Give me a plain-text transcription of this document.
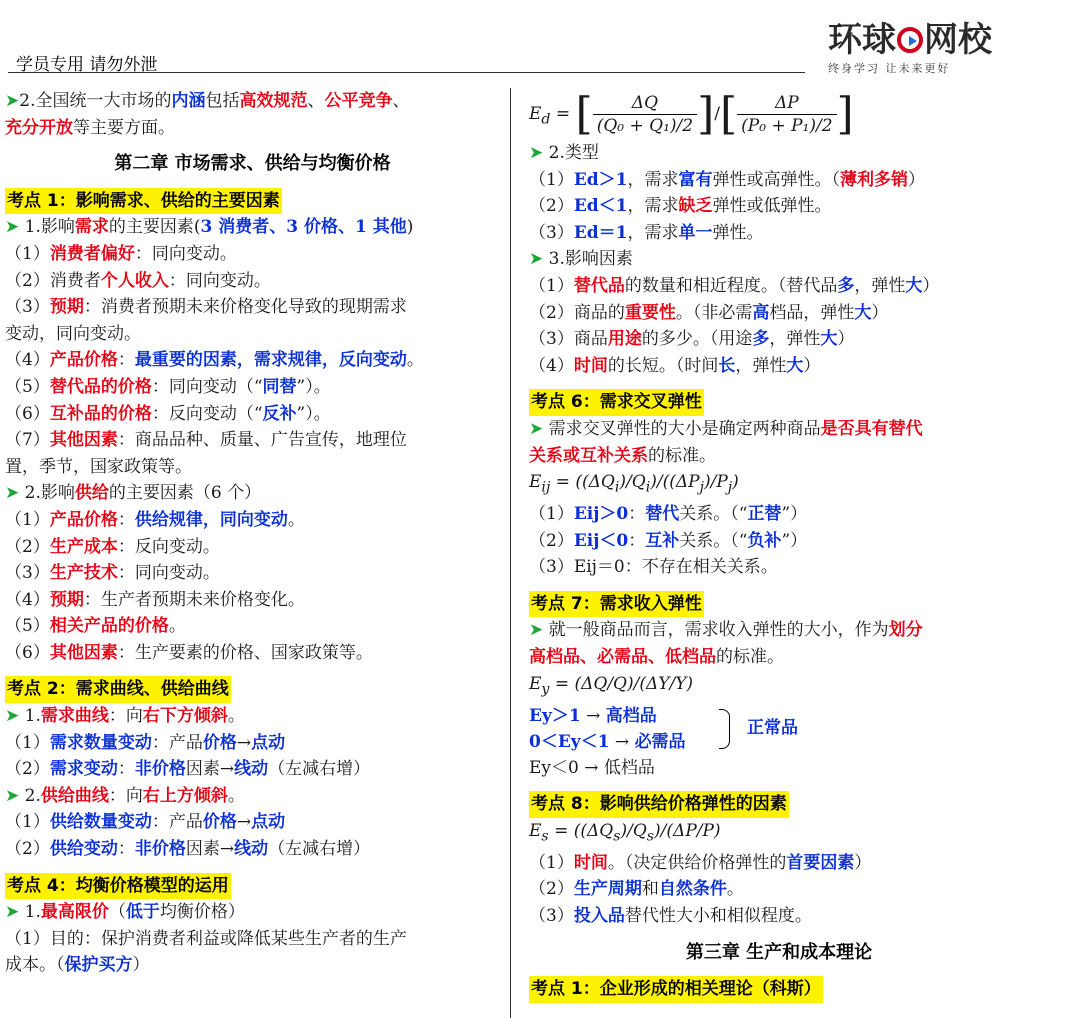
学员专用 请勿外泄
环球 网校
终身学习 让未来更好

➤2.全国统一大市场的内涵包括高效规范、公平竞争、

充分开放等主要方面。

第二章 市场需求、供给与均衡价格

考点 1：影响需求、供给的主要因素

➤ 1.影响需求的主要因素(3 消费者、3 价格、1 其他)

（1）消费者偏好：同向变动。

（2）消费者个人收入：同向变动。

（3）预期：消费者预期未来价格变化导致的现期需求

变动，同向变动。

（4）产品价格：最重要的因素，需求规律，反向变动。

（5）替代品的价格：同向变动（“同替”）。

（6）互补品的价格：反向变动（“反补”）。

（7）其他因素：商品品种、质量、广告宣传，地理位

置，季节，国家政策等。

➤ 2.影响供给的主要因素（6 个）

（1）产品价格：供给规律，同向变动。

（2）生产成本：反向变动。

（3）生产技术：同向变动。

（4）预期：生产者预期未来价格变化。

（5）相关产品的价格。

（6）其他因素：生产要素的价格、国家政策等。

考点 2：需求曲线、供给曲线

➤ 1.需求曲线：向右下方倾斜。

（1）需求数量变动：产品价格→点动

（2）需求变动：非价格因素→线动（左减右增）

➤ 2.供给曲线：向右上方倾斜。

（1）供给数量变动：产品价格→点动

（2）供给变动：非价格因素→线动（左减右增）

考点 4：均衡价格模型的运用

➤ 1.最高限价（低于均衡价格）

（1）目的：保护消费者利益或降低某些生产者的生产

成本。（保护买方）

$E_d$ = [ $\frac{\Delta Q}{\text{(Q₀ + Q₁)/2}}$ ]/[ $\frac{\Delta P}{\text{(P₀ + P₁)/2}}$ ]

➤ 2.类型

（1）Ed＞1，需求富有弹性或高弹性。（薄利多销）

（2）Ed＜1，需求缺乏弹性或低弹性。

（3）Ed＝1，需求单一弹性。

➤ 3.影响因素

（1）替代品的数量和相近程度。（替代品多，弹性大）

（2）商品的重要性。（非必需高档品，弹性大）

（3）商品用途的多少。（用途多，弹性大）

（4）时间的长短。（时间长，弹性大）

考点 6：需求交叉弹性

➤ 需求交叉弹性的大小是确定两种商品是否具有替代

关系或互补关系的标准。

$E_{ij} = ((\Delta Q_i)/Q_i)/((\Delta P_j)/P_j)$

（1）Eij＞0：替代关系。（“正替”）

（2）Eij＜0：互补关系。（“负补”）

（3）Eij＝0：不存在相关关系。

考点 7：需求收入弹性

➤ 就一般商品而言，需求收入弹性的大小，作为划分

高档品、必需品、低档品的标准。

$E_y = (\Delta Q/Q)/(\Delta Y/Y)$

Ey＞1 → 高档品

0＜Ey＜1 → 必需品

正常品

Ey＜0 → 低档品

考点 8：影响供给价格弹性的因素

$E_s = ((\Delta Q_s)/Q_s)/(\Delta P/P)$

（1）时间。（决定供给价格弹性的首要因素）

（2）生产周期和自然条件。

（3）投入品替代性大小和相似程度。

第三章 生产和成本理论

考点 1：企业形成的相关理论（科斯）
